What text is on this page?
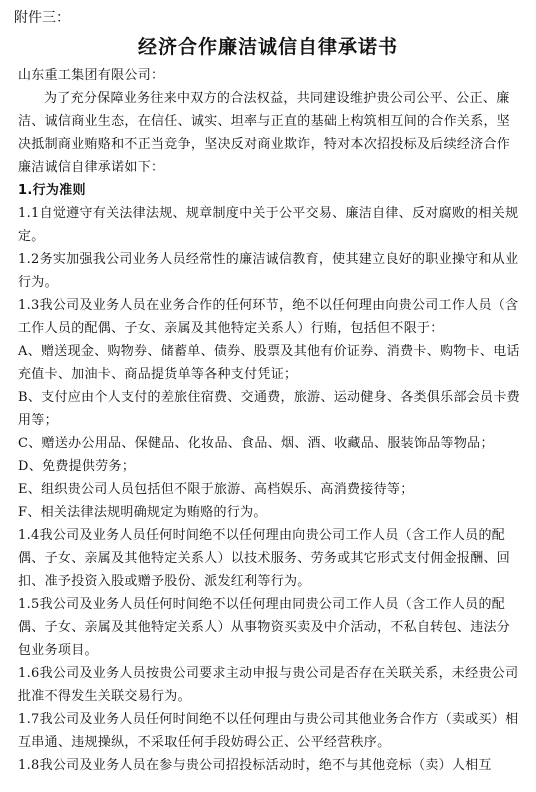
附件三：
经济合作廉洁诚信自律承诺书

山东重工集团有限公司：

为了充分保障业务往来中双方的合法权益，共同建设维护贵公司公平、公正、廉洁、诚信商业生态，在信任、诚实、坦率与正直的基础上构筑相互间的合作关系，坚决抵制商业贿赂和不正当竞争，坚决反对商业欺诈，特对本次招投标及后续经济合作廉洁诚信自律承诺如下：

1.行为准则

1.1自觉遵守有关法律法规、规章制度中关于公平交易、廉洁自律、反对腐败的相关规定。

1.2务实加强我公司业务人员经常性的廉洁诚信教育，使其建立良好的职业操守和从业行为。

1.3我公司及业务人员在业务合作的任何环节，绝不以任何理由向贵公司工作人员（含工作人员的配偶、子女、亲属及其他特定关系人）行贿，包括但不限于：

A、赠送现金、购物券、储蓄单、债券、股票及其他有价证券、消费卡、购物卡、电话充值卡、加油卡、商品提货单等各种支付凭证；

B、支付应由个人支付的差旅住宿费、交通费，旅游、运动健身、各类俱乐部会员卡费用等；

C、赠送办公用品、保健品、化妆品、食品、烟、酒、收藏品、服装饰品等物品；

D、免费提供劳务；

E、组织贵公司人员包括但不限于旅游、高档娱乐、高消费接待等；

F、相关法律法规明确规定为贿赂的行为。

1.4我公司及业务人员任何时间绝不以任何理由向贵公司工作人员（含工作人员的配偶、子女、亲属及其他特定关系人）以技术服务、劳务或其它形式支付佣金报酬、回扣、准予投资入股或赠予股份、派发红利等行为。

1.5我公司及业务人员任何时间绝不以任何理由同贵公司工作人员（含工作人员的配偶、子女、亲属及其他特定关系人）从事物资买卖及中介活动，不私自转包、违法分包业务项目。

1.6我公司及业务人员按贵公司要求主动申报与贵公司是否存在关联关系，未经贵公司批准不得发生关联交易行为。

1.7我公司及业务人员任何时间绝不以任何理由与贵公司其他业务合作方（卖或买）相互串通、违规操纵，不采取任何手段妨碍公正、公平经营秩序。

1.8我公司及业务人员在参与贵公司招投标活动时，绝不与其他竞标（卖）人相互
